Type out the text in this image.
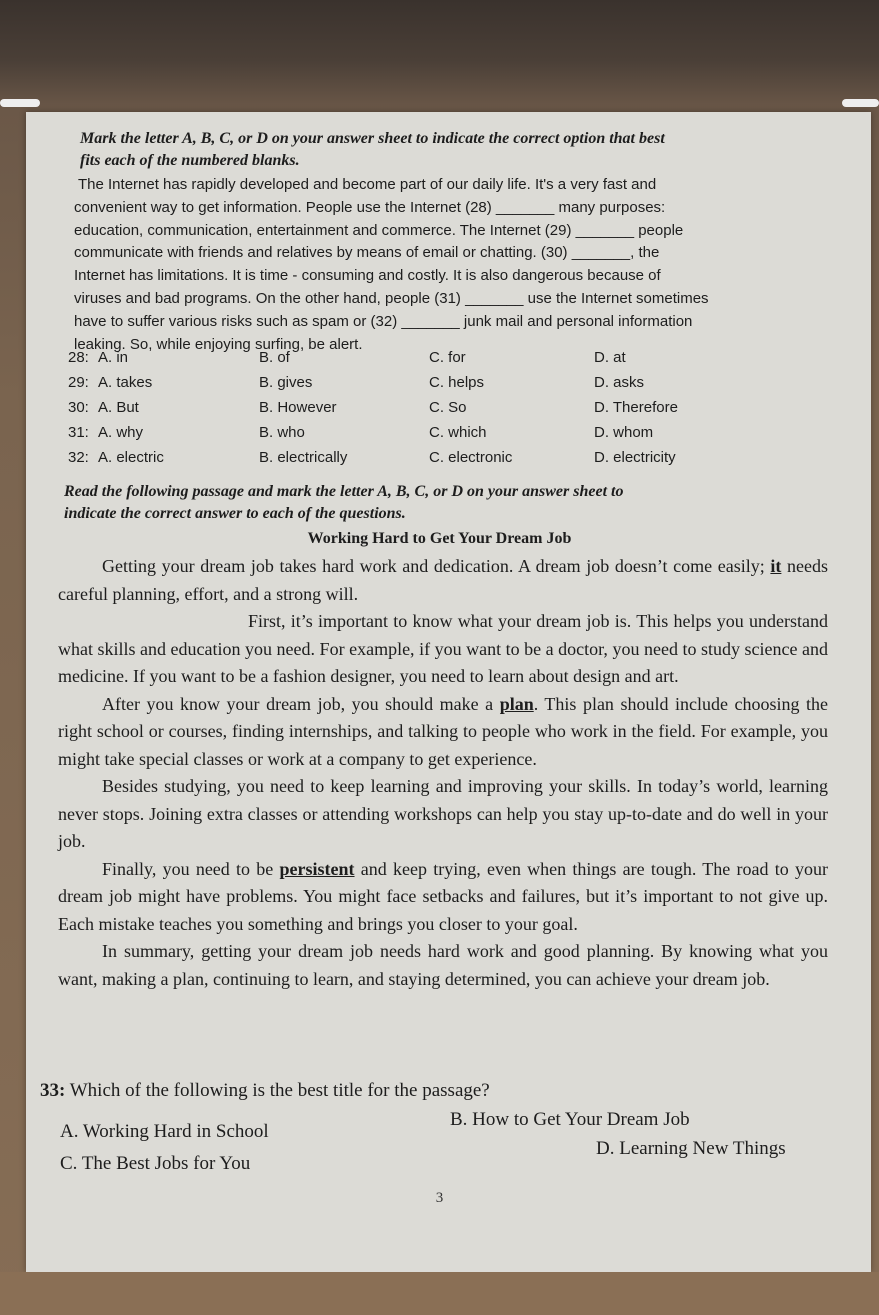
Mark the letter A, B, C, or D on your answer sheet to indicate the correct option that best
fits each of the numbered blanks.

The Internet has rapidly developed and become part of our daily life. It's a very fast and
convenient way to get information. People use the Internet (28) _______ many purposes:
education, communication, entertainment and commerce. The Internet (29) _______ people
communicate with friends and relatives by means of email or chatting. (30) _______, the
Internet has limitations. It is time - consuming and costly. It is also dangerous because of
viruses and bad programs. On the other hand, people (31) _______ use the Internet sometimes
have to suffer various risks such as spam or (32) _______ junk mail and personal information
leaking. So, while enjoying surfing, be alert.
28: A. in	B. of	C. for	D. at
29: A. takes	B. gives	C. helps	D. asks
30: A. But	B. However	C. So	D. Therefore
31: A. why	B. who	C. which	D. whom
32: A. electric	B. electrically	C. electronic	D. electricity

Read the following passage and mark the letter A, B, C, or D on your answer sheet to
indicate the correct answer to each of the questions.

Working Hard to Get Your Dream Job
Getting your dream job takes hard work and dedication. A dream job doesn’t come easily; it needs careful planning, effort, and a strong will.
First, it’s important to know what your dream job is. This helps you understand what skills and education you need. For example, if you want to be a doctor, you need to study science and medicine. If you want to be a fashion designer, you need to learn about design and art.
After you know your dream job, you should make a plan. This plan should include choosing the right school or courses, finding internships, and talking to people who work in the field. For example, you might take special classes or work at a company to get experience.
Besides studying, you need to keep learning and improving your skills. In today’s world, learning never stops. Joining extra classes or attending workshops can help you stay up-to-date and do well in your job.
Finally, you need to be persistent and keep trying, even when things are tough. The road to your dream job might have problems. You might face setbacks and failures, but it’s important to not give up. Each mistake teaches you something and brings you closer to your goal.
In summary, getting your dream job needs hard work and good planning. By knowing what you want, making a plan, continuing to learn, and staying determined, you can achieve your dream job.
33: Which of the following is the best title for the passage?
A. Working Hard in School
B. How to Get Your Dream Job
C. The Best Jobs for You
D. Learning New Things
3
